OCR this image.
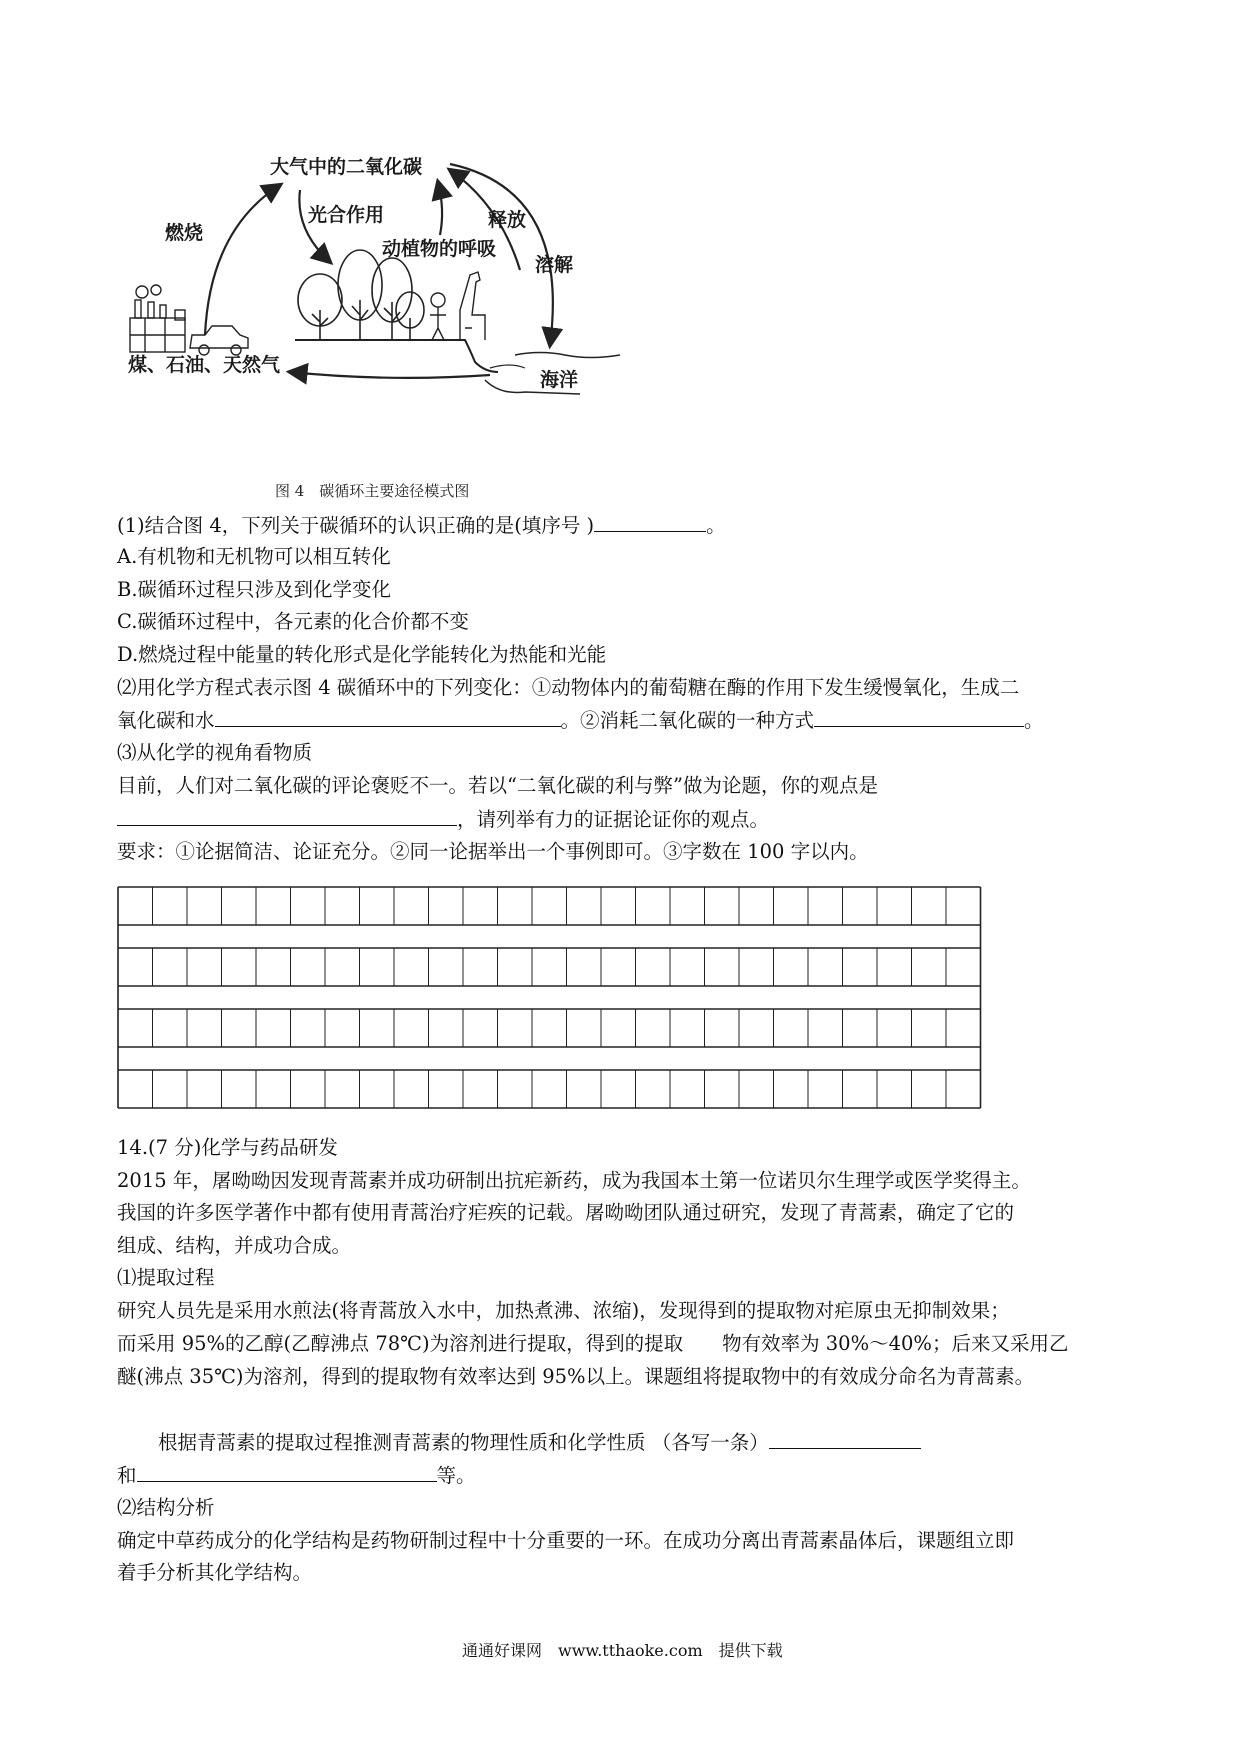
大气中的二氧化碳
燃烧
光合作用
动植物的呼吸
释放
溶解
煤、石油、天然气
海洋
图 4　碳循环主要途径模式图
(1)结合图 4，下列关于碳循环的认识正确的是(填序号 )	。
A.有机物和无机物可以相互转化
B.碳循环过程只涉及到化学变化
C.碳循环过程中，各元素的化合价都不变
D.燃烧过程中能量的转化形式是化学能转化为热能和光能
⑵用化学方程式表示图 4 碳循环中的下列变化：①动物体内的葡萄糖在酶的作用下发生缓慢氧化，生成二
氧化碳和水	。②消耗二氧化碳的一种方式	。
⑶从化学的视角看物质
目前，人们对二氧化碳的评论褒贬不一。若以“二氧化碳的利与弊”做为论题，你的观点是
，请列举有力的证据论证你的观点。
要求：①论据简洁、论证充分。②同一论据举出一个事例即可。③字数在 100 字以内。
14.(7 分)化学与药品研发
2015 年，屠呦呦因发现青蒿素并成功研制出抗疟新药，成为我国本土第一位诺贝尔生理学或医学奖得主。
我国的许多医学著作中都有使用青蒿治疗疟疾的记载。屠呦呦团队通过研究，发现了青蒿素，确定了它的
组成、结构，并成功合成。
⑴提取过程
研究人员先是采用水煎法(将青蒿放入水中，加热煮沸、浓缩)，发现得到的提取物对疟原虫无抑制效果；
而采用 95%的乙醇(乙醇沸点 78℃)为溶剂进行提取，得到的提取　　物有效率为 30%～40%；后来又采用乙
醚(沸点 35℃)为溶剂，得到的提取物有效率达到 95%以上。课题组将提取物中的有效成分命名为青蒿素。
根据青蒿素的提取过程推测青蒿素的物理性质和化学性质 （各写一条）
和	等。
⑵结构分析
确定中草药成分的化学结构是药物研制过程中十分重要的一环。在成功分离出青蒿素晶体后，课题组立即
着手分析其化学结构。
通通好课网　www.tthaoke.com　提供下载
